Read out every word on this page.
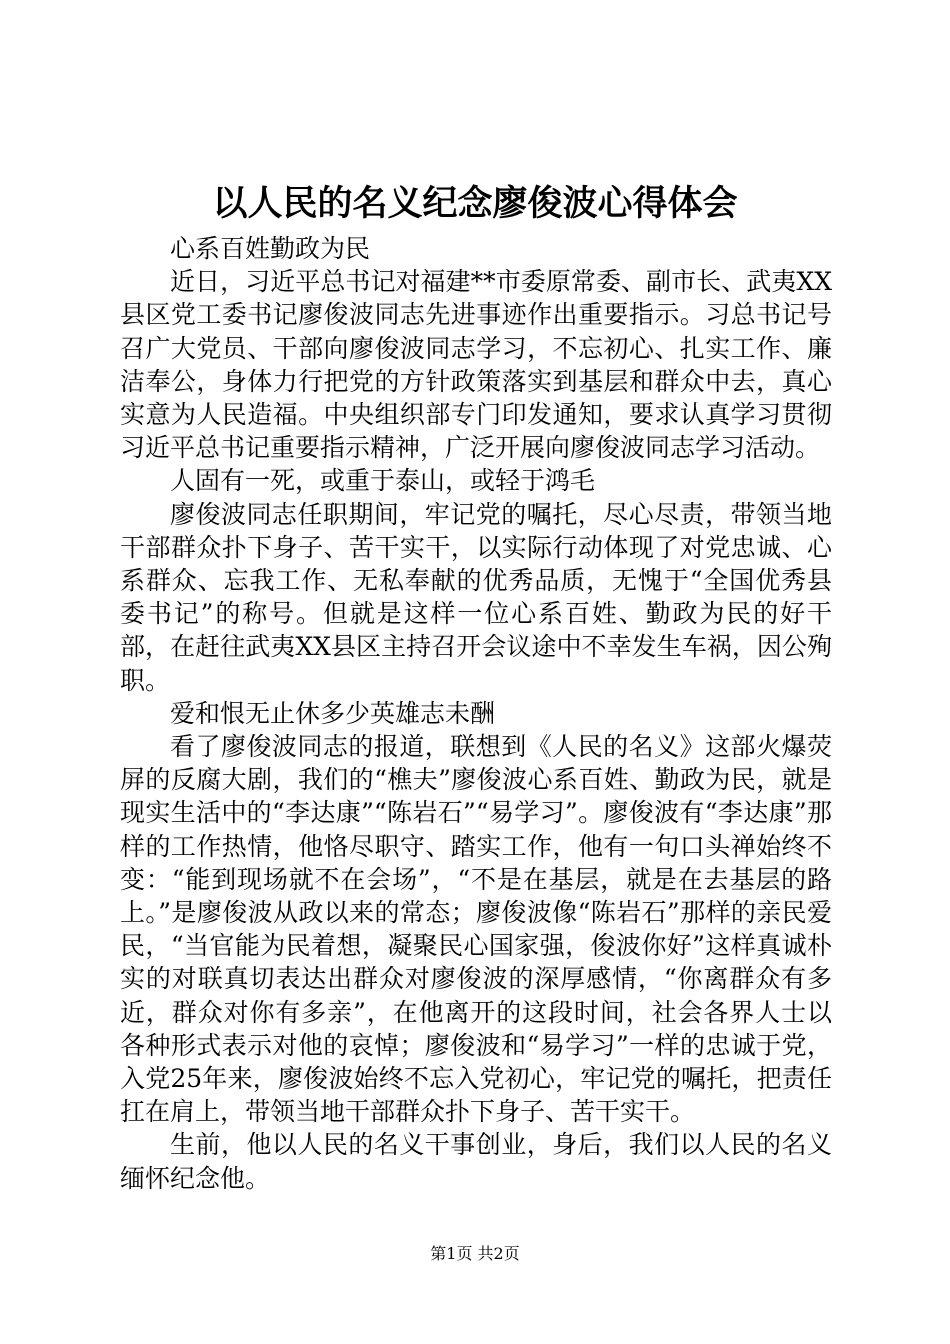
以人民的名义纪念廖俊波心得体会

心系百姓勤政为民

近日，习近平总书记对福建**市委原常委、副市长、武夷XX县区党工委书记廖俊波同志先进事迹作出重要指示。习总书记号召广大党员、干部向廖俊波同志学习，不忘初心、扎实工作、廉洁奉公，身体力行把党的方针政策落实到基层和群众中去，真心实意为人民造福。中央组织部专门印发通知，要求认真学习贯彻习近平总书记重要指示精神，广泛开展向廖俊波同志学习活动。

人固有一死，或重于泰山，或轻于鸿毛

廖俊波同志任职期间，牢记党的嘱托，尽心尽责，带领当地干部群众扑下身子、苦干实干，以实际行动体现了对党忠诚、心系群众、忘我工作、无私奉献的优秀品质，无愧于“全国优秀县委书记”的称号。但就是这样一位心系百姓、勤政为民的好干部，在赶往武夷XX县区主持召开会议途中不幸发生车祸，因公殉职。

爱和恨无止休多少英雄志未酬

看了廖俊波同志的报道，联想到《人民的名义》这部火爆荧屏的反腐大剧，我们的“樵夫”廖俊波心系百姓、勤政为民，就是现实生活中的“李达康”“陈岩石”“易学习”。廖俊波有“李达康”那样的工作热情，他恪尽职守、踏实工作，他有一句口头禅始终不变：“能到现场就不在会场”，“不是在基层，就是在去基层的路上。”是廖俊波从政以来的常态；廖俊波像“陈岩石”那样的亲民爱民，“当官能为民着想，凝聚民心国家强，俊波你好”这样真诚朴实的对联真切表达出群众对廖俊波的深厚感情，“你离群众有多近，群众对你有多亲”，在他离开的这段时间，社会各界人士以各种形式表示对他的哀悼；廖俊波和“易学习”一样的忠诚于党，入党25年来，廖俊波始终不忘入党初心，牢记党的嘱托，把责任扛在肩上，带领当地干部群众扑下身子、苦干实干。

生前，他以人民的名义干事创业，身后，我们以人民的名义缅怀纪念他。

第1页 共2页
